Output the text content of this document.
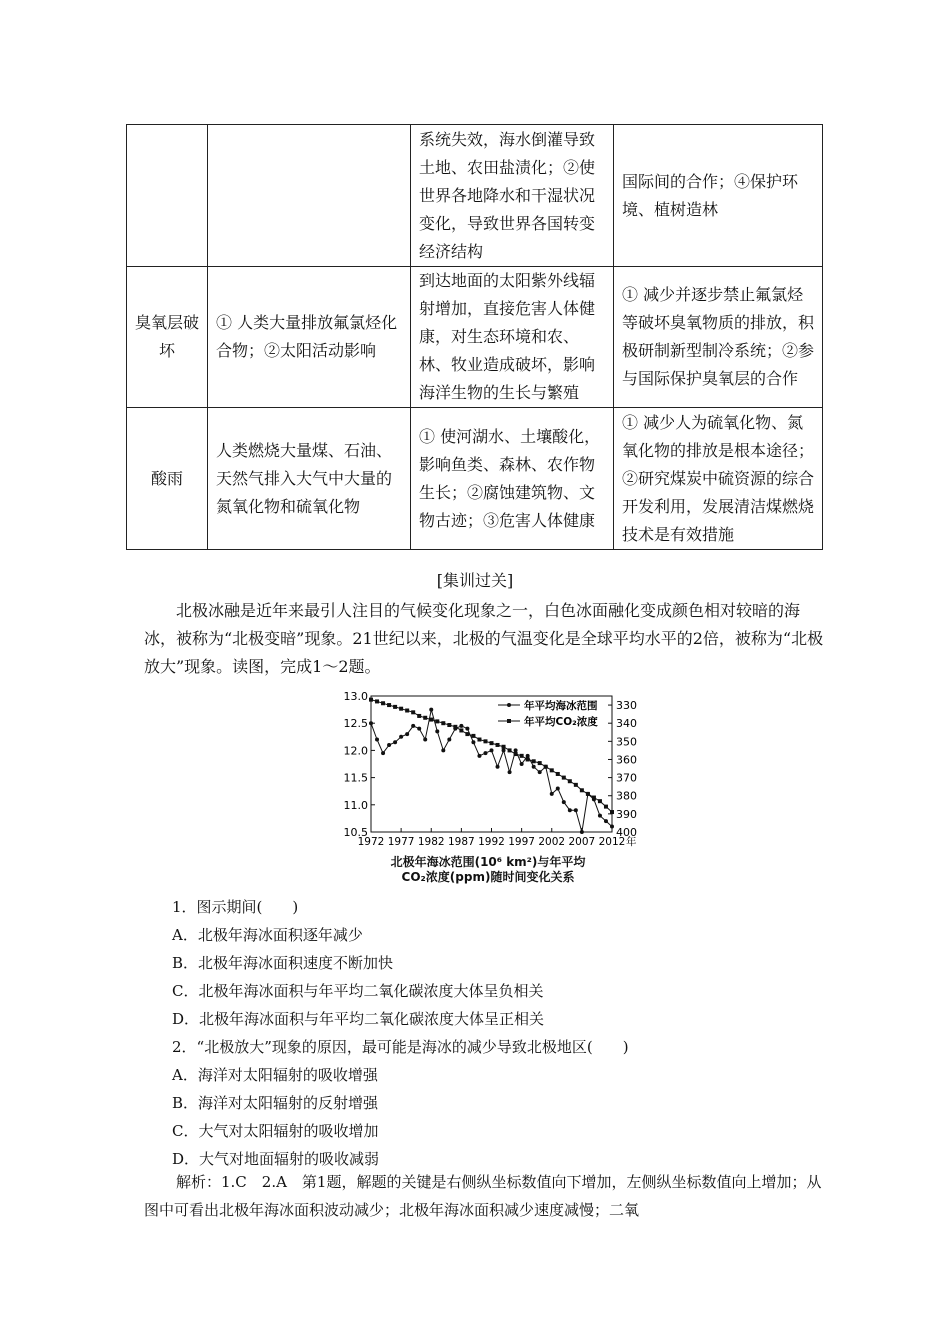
		系统失效，海水倒灌导致土地、农田盐渍化；②使世界各地降水和干湿状况变化，导致世界各国转变经济结构	国际间的合作；④保护环境、植树造林
臭氧层破坏	① 人类大量排放氟氯烃化合物；②太阳活动影响	到达地面的太阳紫外线辐射增加，直接危害人体健康，对生态环境和农、林、牧业造成破坏，影响海洋生物的生长与繁殖	① 减少并逐步禁止氟氯烃等破坏臭氧物质的排放，积极研制新型制冷系统；②参与国际保护臭氧层的合作
酸雨	人类燃烧大量煤、石油、天然气排入大气中大量的氮氧化物和硫氧化物	① 使河湖水、土壤酸化，影响鱼类、森林、农作物生长；②腐蚀建筑物、文物古迹；③危害人体健康	① 减少人为硫氧化物、氮氧化物的排放是根本途径；②研究煤炭中硫资源的综合开发利用，发展清洁煤燃烧技术是有效措施
[集训过关]
北极冰融是近年来最引人注目的气候变化现象之一，白色冰面融化变成颜色相对较暗的海冰，被称为“北极变暗”现象。21世纪以来，北极的气温变化是全球平均水平的2倍，被称为“北极放大”现象。读图，完成1～2题。
13.0
12.5
12.0
11.5
11.0
10.5
330
340
350
360
370
380
390
400
1972 1977 1982 1987 1992 1997 2002 2007 2012 年
年平均海冰范围
年平均CO₂浓度
北极年海冰范围(10⁶ km²)与年平均
CO₂浓度(ppm)随时间变化关系
1．图示期间(　　)
A．北极年海冰面积逐年减少
B．北极年海冰面积速度不断加快
C．北极年海冰面积与年平均二氧化碳浓度大体呈负相关
D．北极年海冰面积与年平均二氧化碳浓度大体呈正相关
2．“北极放大”现象的原因，最可能是海冰的减少导致北极地区(　　)
A．海洋对太阳辐射的吸收增强
B．海洋对太阳辐射的反射增强
C．大气对太阳辐射的吸收增加
D．大气对地面辐射的吸收减弱
解析：1.C　2.A　第1题，解题的关键是右侧纵坐标数值向下增加，左侧纵坐标数值向上增加；从图中可看出北极年海冰面积波动减少；北极年海冰面积减少速度减慢；二氧
